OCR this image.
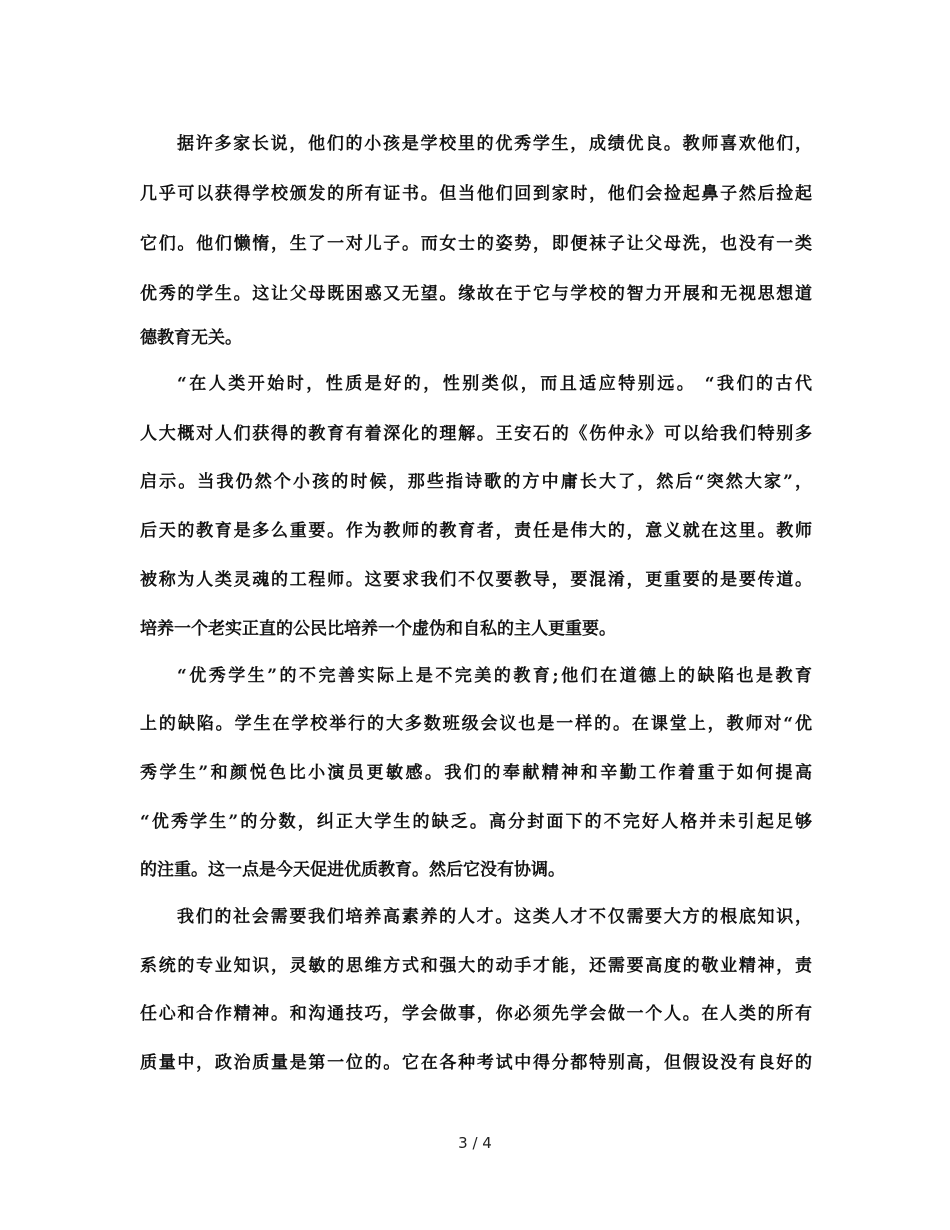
据许多家长说，他们的小孩是学校里的优秀学生，成绩优良。教师喜欢他们，
几乎可以获得学校颁发的所有证书。但当他们回到家时，他们会捡起鼻子然后捡起
它们。他们懒惰，生了一对儿子。而女士的姿势，即便袜子让父母洗，也没有一类
优秀的学生。这让父母既困惑又无望。缘故在于它与学校的智力开展和无视思想道
德教育无关。
“在人类开始时，性质是好的，性别类似，而且适应特别远。 “我们的古代
人大概对人们获得的教育有着深化的理解。王安石的《伤仲永》可以给我们特别多
启示。当我仍然个小孩的时候，那些指诗歌的方中庸长大了，然后“突然大家”，
后天的教育是多么重要。作为教师的教育者，责任是伟大的，意义就在这里。教师
被称为人类灵魂的工程师。这要求我们不仅要教导，要混淆，更重要的是要传道。
培养一个老实正直的公民比培养一个虚伪和自私的主人更重要。
“优秀学生”的不完善实际上是不完美的教育;他们在道德上的缺陷也是教育
上的缺陷。学生在学校举行的大多数班级会议也是一样的。在课堂上，教师对“优
秀学生”和颜悦色比小演员更敏感。我们的奉献精神和辛勤工作着重于如何提高
“优秀学生”的分数，纠正大学生的缺乏。高分封面下的不完好人格并未引起足够
的注重。这一点是今天促进优质教育。然后它没有协调。
我们的社会需要我们培养高素养的人才。这类人才不仅需要大方的根底知识，
系统的专业知识，灵敏的思维方式和强大的动手才能，还需要高度的敬业精神，责
任心和合作精神。和沟通技巧，学会做事，你必须先学会做一个人。在人类的所有
质量中，政治质量是第一位的。它在各种考试中得分都特别高，但假设没有良好的
3 / 4
